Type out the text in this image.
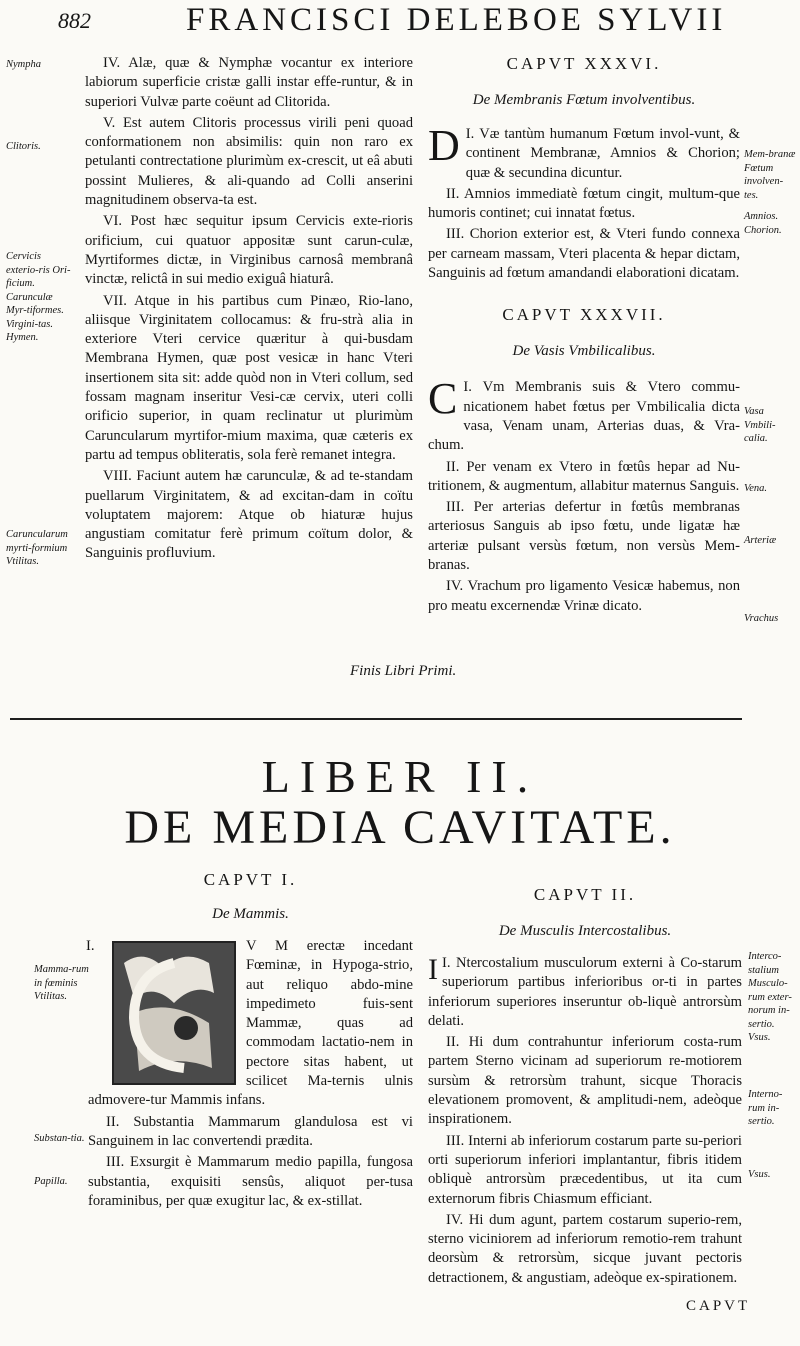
882	FRANCISCI DELEBOE SYLVII
Nympha
Clitoris.
Cervicis exterio-ris Ori-ficium. Carunculæ Myr-tiformes. Virgini-tas. Hymen.
Caruncularum myrti-formium Vtilitas.

IV. Alæ, quæ & Nymphæ vocantur ex interiore labiorum superficie cristæ galli instar effe-runtur, & in superiori Vulvæ parte coëunt ad Clitorida.

V. Est autem Clitoris processus virili peni quoad conformationem non absimilis: quin non raro ex petulanti contrectatione plurimùm ex-crescit, ut eâ abuti possint Mulieres, & ali-quando ad Colli anserini magnitudinem observa-ta est.

VI. Post hæc sequitur ipsum Cervicis exte-rioris orificium, cui quatuor appositæ sunt carun-culæ, Myrtiformes dictæ, in Virginibus carnosâ membranâ vinctæ, relictâ in sui medio exiguâ hiaturâ.

VII. Atque in his partibus cum Pinæo, Rio-lano, aliisque Virginitatem collocamus: & fru-strà alia in exteriore Vteri cervice quæritur à qui-busdam Membrana Hymen, quæ post vesicæ in hanc Vteri insertionem sita sit: adde quòd non in Vteri collum, sed fossam magnam inseritur Vesi-cæ cervix, uteri colli orificio superior, in quam reclinatur ut plurimùm Caruncularum myrtifor-mium maxima, quæ cæteris ex partu ad tempus obliteratis, sola ferè remanet integra.

VIII. Faciunt autem hæ carunculæ, & ad te-standam puellarum Virginitatem, & ad excitan-dam in coïtu voluptatem majorem: Atque ob hiaturæ hujus angustiam comitatur ferè primum coïtum dolor, & Sanguinis profluvium.

CAPVT XXXVI.
De Membranis Fœtum involventibus.

I.
D Væ tantùm humanum Fœtum invol-vunt, & continent Membranæ, Amnios & Chorion; quæ & secundina dicuntur.

II. Amnios immediatè fœtum cingit, multum-que humoris continet; cui innatat fœtus.

III. Chorion exterior est, & Vteri fundo connexa per carneam massam, Vteri placenta & hepar dictam, Sanguinis ad fœtum amandandi elaborationi dicatam.

CAPVT XXXVII.
De Vasis Vmbilicalibus.

I.
C Vm Membranis suis & Vtero commu-nicationem habet fœtus per Vmbilicalia dicta vasa, Venam unam, Arterias duas, & Vra-chum.

II. Per venam ex Vtero in fœtûs hepar ad Nu-tritionem, & augmentum, allabitur maternus Sanguis.

III. Per arterias defertur in fœtûs membranas arteriosus Sanguis ab ipso fœtu, unde ligatæ hæ arteriæ pulsant versùs fœtum, non versùs Mem-branas.

IV. Vrachum pro ligamento Vesicæ habemus, non pro meatu excernendæ Vrinæ dicato.

Mem-branæ Fœtum involven-tes.
Amnios. Chorion.
Vasa Vmbili-calia.
Vena.
Arteriæ
Vrachus
Finis Libri Primi.
LIBER II.
DE MEDIA CAVITATE.
Mamma-rum in fœminis Vtilitas.
Substan-tia.
Papilla.
CAPVT I.
De Mammis.
I.	V M erectæ incedant Fœminæ, in Hypoga-strio, aut reliquo abdo-mine impedimeto fuis-sent Mammæ, quas ad commodam lactatio-nem in pectore sitas habent, ut scilicet Ma-ternis ulnis admovere-tur Mammis infans.

II. Substantia Mammarum glandulosa est vi Sanguinem in lac convertendi prædita.

III. Exsurgit è Mammarum medio papilla, fungosa substantia, exquisiti sensûs, aliquot per-tusa foraminibus, per quæ exugitur lac, & ex-stillat.

CAPVT II.
De Musculis Intercostalibus.

I.
I Ntercostalium musculorum externi à Co-starum superiorum partibus inferioribus or-ti in partes inferiorum superiores inseruntur ob-liquè antrorsùm delati.

II. Hi dum contrahuntur inferiorum costa-rum partem Sterno vicinam ad superiorum re-motiorem sursùm & retrorsùm trahunt, sicque Thoracis elevationem promovent, & amplitudi-nem, adeòque inspirationem.

III. Interni ab inferiorum costarum parte su-periori orti superiorum inferiori implantantur, fibris itidem obliquè antrorsùm præcedentibus, ut ita cum externorum fibris Chiasmum efficiant.

IV. Hi dum agunt, partem costarum superio-rem, sterno viciniorem ad inferiorum remotio-rem trahunt deorsùm & retrorsùm, sicque juvant pectoris detractionem, & angustiam, adeòque ex-spirationem.

Interco-stalium Musculo-rum exter-norum in-sertio. Vsus.
Interno-rum in-sertio.
Vsus.
CAPVT
